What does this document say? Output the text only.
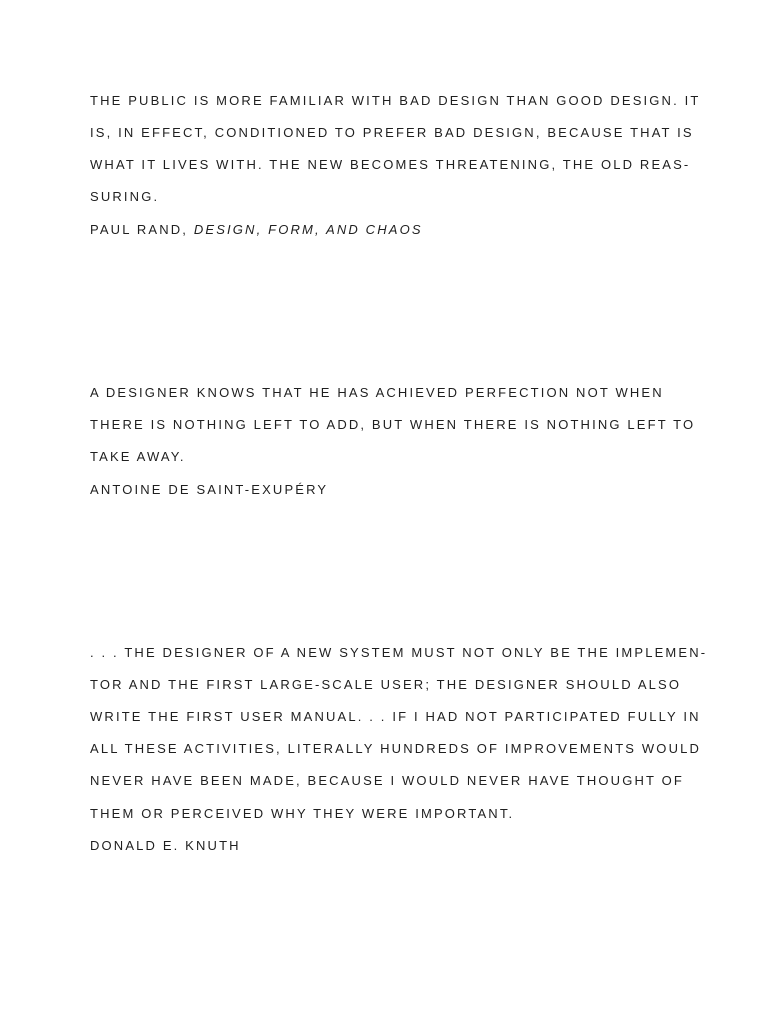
THE PUBLIC IS MORE FAMILIAR WITH BAD DESIGN THAN GOOD DESIGN. IT
IS, IN EFFECT, CONDITIONED TO PREFER BAD DESIGN, BECAUSE THAT IS
WHAT IT LIVES WITH. THE NEW BECOMES THREATENING, THE OLD REAS-
SURING.
PAUL RAND, DESIGN, FORM, AND CHAOS
A DESIGNER KNOWS THAT HE HAS ACHIEVED PERFECTION NOT WHEN
THERE IS NOTHING LEFT TO ADD, BUT WHEN THERE IS NOTHING LEFT TO
TAKE AWAY.
ANTOINE DE SAINT-EXUPÉRY
. . . THE DESIGNER OF A NEW SYSTEM MUST NOT ONLY BE THE IMPLEMEN-
TOR AND THE FIRST LARGE-SCALE USER; THE DESIGNER SHOULD ALSO
WRITE THE FIRST USER MANUAL. . . IF I HAD NOT PARTICIPATED FULLY IN
ALL THESE ACTIVITIES, LITERALLY HUNDREDS OF IMPROVEMENTS WOULD
NEVER HAVE BEEN MADE, BECAUSE I WOULD NEVER HAVE THOUGHT OF
THEM OR PERCEIVED WHY THEY WERE IMPORTANT.
DONALD E. KNUTH
